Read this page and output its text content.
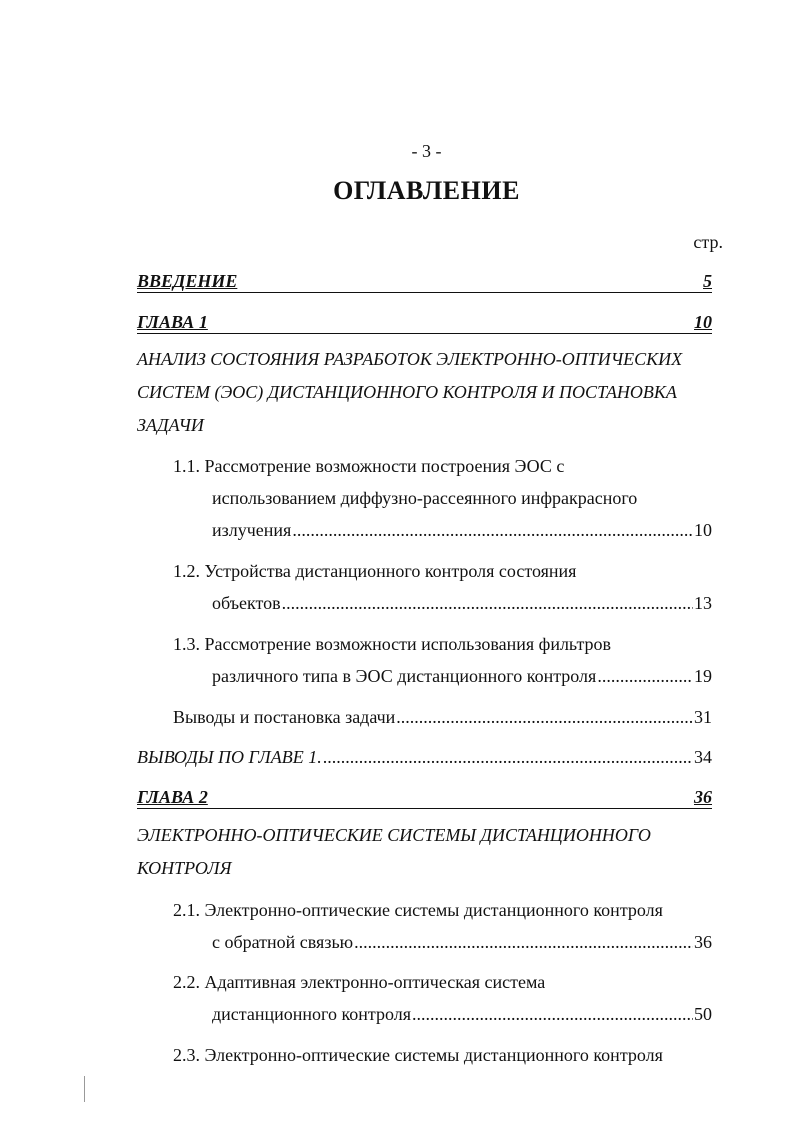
- 3 -
ОГЛАВЛЕНИЕ
стр.
ВВЕДЕНИЕ	5
ГЛАВА 1	10
АНАЛИЗ СОСТОЯНИЯ РАЗРАБОТОК ЭЛЕКТРОННО-ОПТИЧЕСКИХ
СИСТЕМ (ЭОС) ДИСТАНЦИОННОГО КОНТРОЛЯ И ПОСТАНОВКА
ЗАДАЧИ
1.1. Рассмотрение возможности построения ЭОС с
использованием диффузно-рассеянного инфракрасного
излучения .....	10
1.2. Устройства дистанционного контроля состояния
объектов .....	13
1.3. Рассмотрение возможности использования фильтров
различного типа в ЭОС дистанционного контроля .....	19
Выводы и постановка задачи .....	31
ВЫВОДЫ ПО ГЛАВЕ 1. .....	34
ГЛАВА 2	36
ЭЛЕКТРОННО-ОПТИЧЕСКИЕ СИСТЕМЫ ДИСТАНЦИОННОГО
КОНТРОЛЯ
2.1. Электронно-оптические системы дистанционного контроля
с обратной связью .....	36
2.2. Адаптивная электронно-оптическая система
дистанционного контроля .....	50
2.3. Электронно-оптические системы дистанционного контроля
